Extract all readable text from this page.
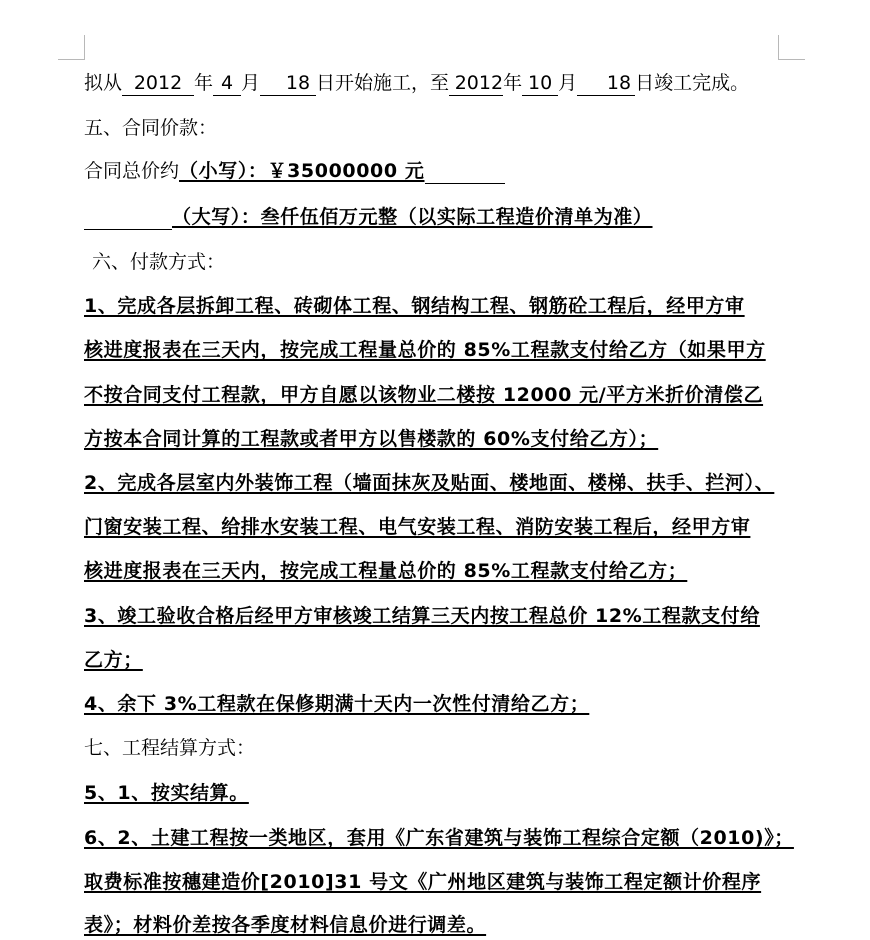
拟从 2012 年 4 月 18 日开始施工，至 2012年 10 月 18 日竣工完成。
五、合同价款：
合同总价约（小写）：￥35000000 元
（大写）：叁仟伍佰万元整（以实际工程造价清单为准）
六、付款方式：
1、完成各层拆卸工程、砖砌体工程、钢结构工程、钢筋砼工程后，经甲方审
核进度报表在三天内，按完成工程量总价的 85%工程款支付给乙方（如果甲方
不按合同支付工程款，甲方自愿以该物业二楼按 12000 元/平方米折价清偿乙
方按本合同计算的工程款或者甲方以售楼款的 60%支付给乙方）；
2、完成各层室内外装饰工程（墙面抹灰及贴面、楼地面、楼梯、扶手、拦河）、
门窗安装工程、给排水安装工程、电气安装工程、消防安装工程后，经甲方审
核进度报表在三天内，按完成工程量总价的 85%工程款支付给乙方；
3、竣工验收合格后经甲方审核竣工结算三天内按工程总价 12%工程款支付给
乙方；
4、余下 3%工程款在保修期满十天内一次性付清给乙方；
七、工程结算方式：
5、1、按实结算。
6、2、土建工程按一类地区，套用《广东省建筑与装饰工程综合定额（2010)》；
取费标准按穗建造价[2010]31 号文《广州地区建筑与装饰工程定额计价程序
表》；材料价差按各季度材料信息价进行调差。
